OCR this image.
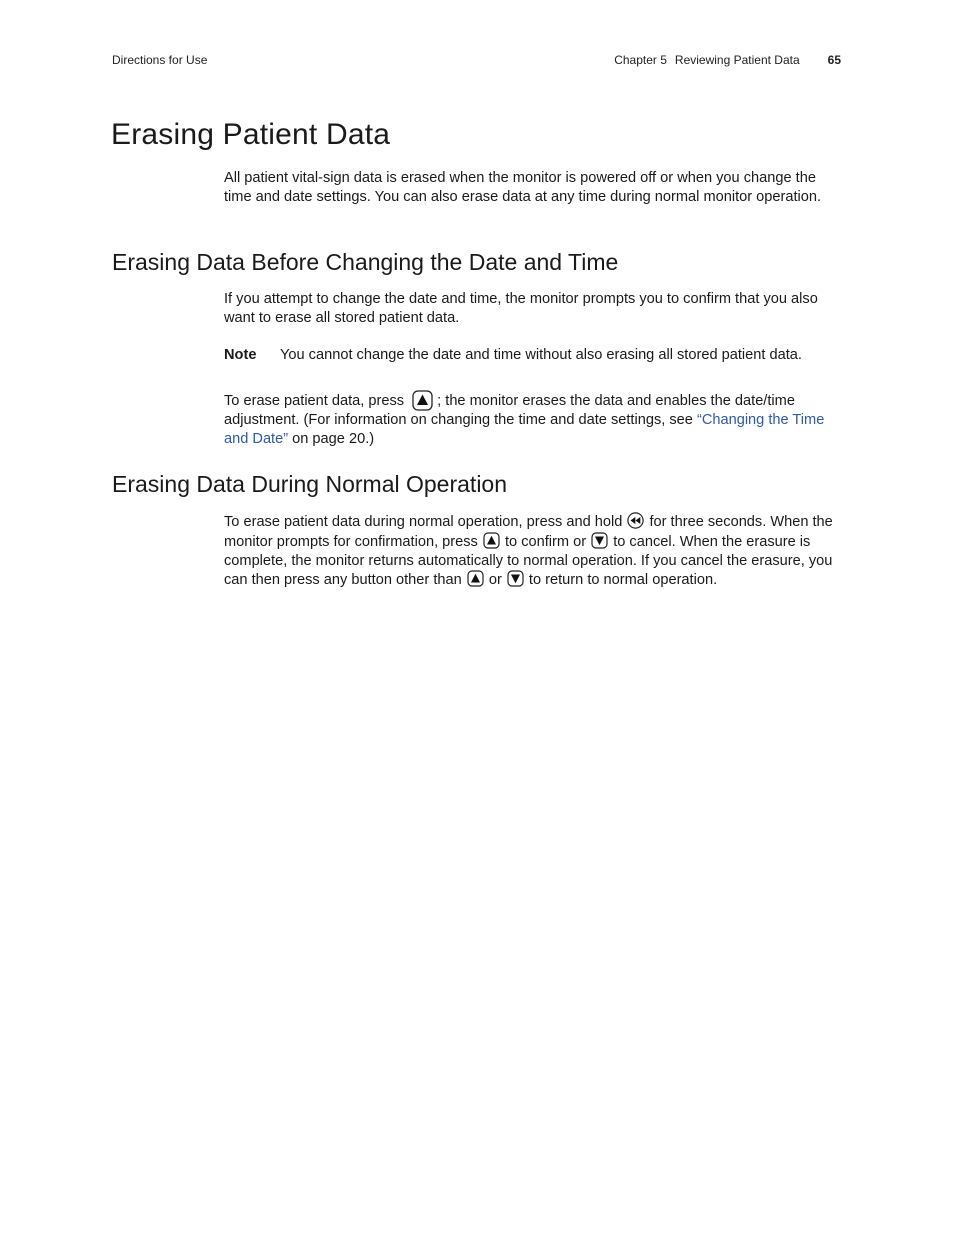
Directions for Use	Chapter 5 Reviewing Patient Data 65
Erasing Patient Data

All patient vital-sign data is erased when the monitor is powered off or when you change the time and date settings. You can also erase data at any time during normal monitor operation.

Erasing Data Before Changing the Date and Time

If you attempt to change the date and time, the monitor prompts you to confirm that you also want to erase all stored patient data.

Note	You cannot change the date and time without also erasing all stored patient data.

To erase patient data, press
; the monitor erases the data and enables the date/time adjustment. (For information on changing the time and date settings, see “Changing the Time and Date” on page 20.)

Erasing Data During Normal Operation

To erase patient data during normal operation, press and hold
for three seconds. When the monitor prompts for confirmation, press
to confirm or
to cancel. When the erasure is complete, the monitor returns automatically to normal operation. If you cancel the erasure, you can then press any button other than
or
to return to normal operation.
